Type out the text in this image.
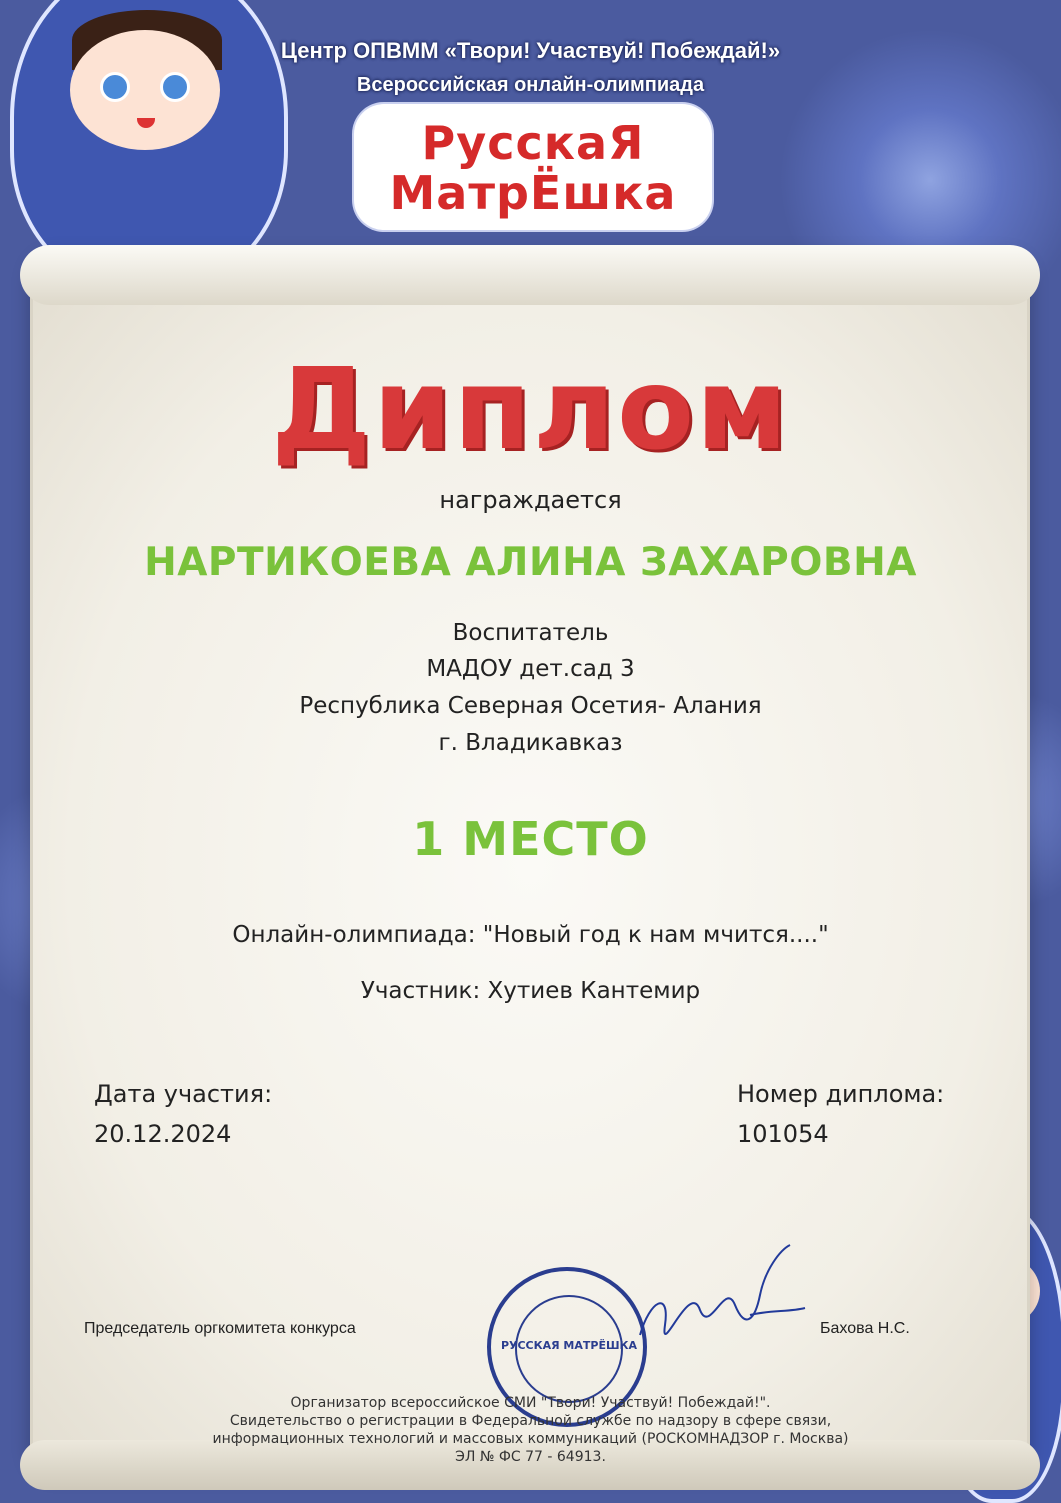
Центр ОПВММ «Твори! Участвуй! Побеждай!»
Всероссийская онлайн-олимпиада
РусскаЯ
МатрЁшка
Диплом
награждается
НАРТИКОЕВА АЛИНА ЗАХАРОВНА
Воспитатель
МАДОУ дет.сад 3
Республика Северная Осетия- Алания
г. Владикавказ
1 МЕСТО
Онлайн-олимпиада: "Новый год к нам мчится...."
Участник: Хутиев Кантемир
Дата участия:
20.12.2024
Номер диплома:
101054
Председатель оргкомитета конкурса	Бахова Н.С.
РУССКАЯ МАТРЁШКА
Организатор всероссийское СМИ "Твори! Участвуй! Побеждай!".
Свидетельство о регистрации в Федеральной службе по надзору в сфере связи,
информационных технологий и массовых коммуникаций (РОСКОМНАДЗОР г. Москва)
ЭЛ № ФС 77 - 64913.
